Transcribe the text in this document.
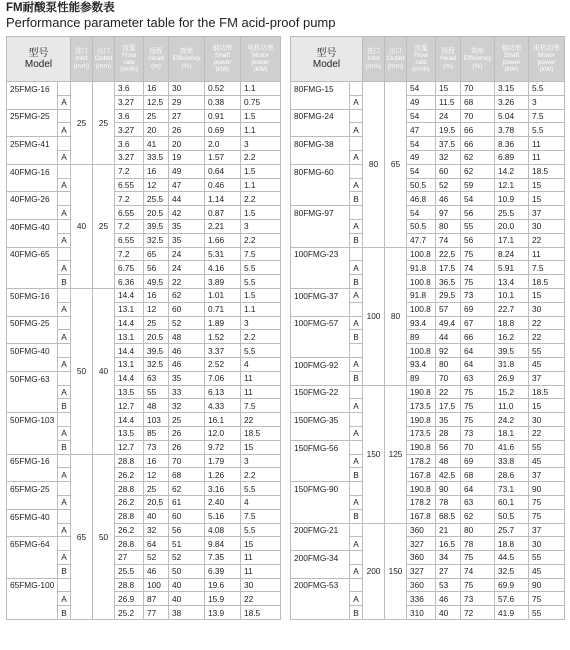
FM耐酸泵性能参数表
Performance parameter table for the FM acid-proof pump
型号
Model		进口
Inlet
(mm)	出口
Outlet
(mm)	流量
Flow
rate
(m³/h)	扬程
Head
(m)	效率
Efficiency
(%)	轴功率
Shaft
power
(kW)	电机功率
Motor
power
(kW)
25FMG-16		25	25	3.6	16	30	0.52	1.1
	A			3.27	12.5	29	0.38	0.75
25FMG-25				3.6	25	27	0.91	1.5
	A			3.27	20	26	0.69	1.1
25FMG-41				3.6	41	20	2.0	3
	A			3.27	33.5	19	1.57	2.2
40FMG-16		40	25	7.2	16	49	0.64	1.5
	A			6.55	12	47	0.46	1.1
40FMG-26				7.2	25.5	44	1.14	2.2
	A			6.55	20.5	42	0.87	1.5
40FMG-40				7.2	39.5	35	2.21	3
	A			6.55	32.5	35	1.66	2.2
40FMG-65				7.2	65	24	5.31	7.5
	A			6.75	56	24	4.16	5.5
	B			6.36	49.5	22	3.89	5.5
50FMG-16		50	40	14.4	16	62	1.01	1.5
	A			13.1	12	60	0.71	1.1
50FMG-25				14.4	25	52	1.89	3
	A			13.1	20.5	48	1.52	2.2
50FMG-40				14.4	39.5	46	3.37	5.5
	A			13.1	32.5	46	2.52	4
50FMG-63				14.4	63	35	7.06	11
	A			13.5	55	33	6.13	11
	B			12.7	48	32	4.33	7.5
50FMG-103				14.4	103	25	16.1	22
	A			13.5	85	26	12.0	18.5
	B			12.7	73	26	9.72	15
65FMG-16		65	50	28.8	16	70	1.79	3
	A			26.2	12	68	1.26	2.2
65FMG-25				28.8	25	62	3.16	5.5
	A			26.2	20.5	61	2.40	4
65FMG-40				28.8	40	60	5.16	7.5
	A			26.2	32	56	4.08	5.5
65FMG-64				28.8	64	51	9.84	15
	A			27	52	52	7.35	11
	B			25.5	46	50	6.39	11
65FMG-100				28.8	100	40	19.6	30
	A			26.9	87	40	15.9	22
	B			25.2	77	38	13.9	18.5
型号
Model		进口
Inlet
(mm)	出口
Outlet
(mm)	流量
Flow
rate
(m³/h)	扬程
Head
(m)	效率
Efficiency
(%)	轴功率
Shaft
power
(kW)	电机功率
Motor
power
(kW)
80FMG-15		80	65	54	15	70	3.15	5.5
	A			49	11.5	68	3.26	3
80FMG-24				54	24	70	5.04	7.5
	A			47	19.5	66	3.78	5.5
80FMG-38				54	37.5	66	8.36	11
	A			49	32	62	6.89	11
80FMG-60				54	60	62	14.2	18.5
	A			50.5	52	59	12.1	15
	B			46.8	46	54	10.9	15
80FMG-97				54	97	56	25.5	37
	A			50.5	80	55	20.0	30
	B			47.7	74	56	17.1	22
100FMG-23		100	80	100.8	22.5	75	8.24	11
	A			91.8	17.5	74	5.91	7.5
	B			100.8	36.5	75	13.4	18.5
100FMG-37	A			91.8	29.5	73	10.1	15
				100.8	57	69	22.7	30
100FMG-57	A			93.4	49.4	67	18.8	22
	B			89	44	66	16.2	22
				100.8	92	64	39.5	55
100FMG-92	A			93.4	80	64	31.8	45
	B			89	70	63	26.9	37
150FMG-22		150	125	190.8	22	75	15.2	18.5
	A			173.5	17.5	75	11.0	15
150FMG-35				190.8	35	75	24.2	30
	A			173.5	28	73	18.1	22
150FMG-56				190.8	56	70	41.6	55
	A			178.2	48	69	33.8	45
	B			167.8	42.5	68	28.6	37
150FMG-90				190.8	90	64	73.1	90
	A			178.2	78	63	60.1	75
	B			167.8	68.5	62	50.5	75
200FMG-21		200	150	360	21	80	25.7	37
	A			327	16.5	78	18.8	30
200FMG-34				360	34	75	44.5	55
	A			327	27	74	32.5	45
200FMG-53				360	53	75	69.9	90
	A			336	46	73	57.6	75
	B			310	40	72	41.9	55
